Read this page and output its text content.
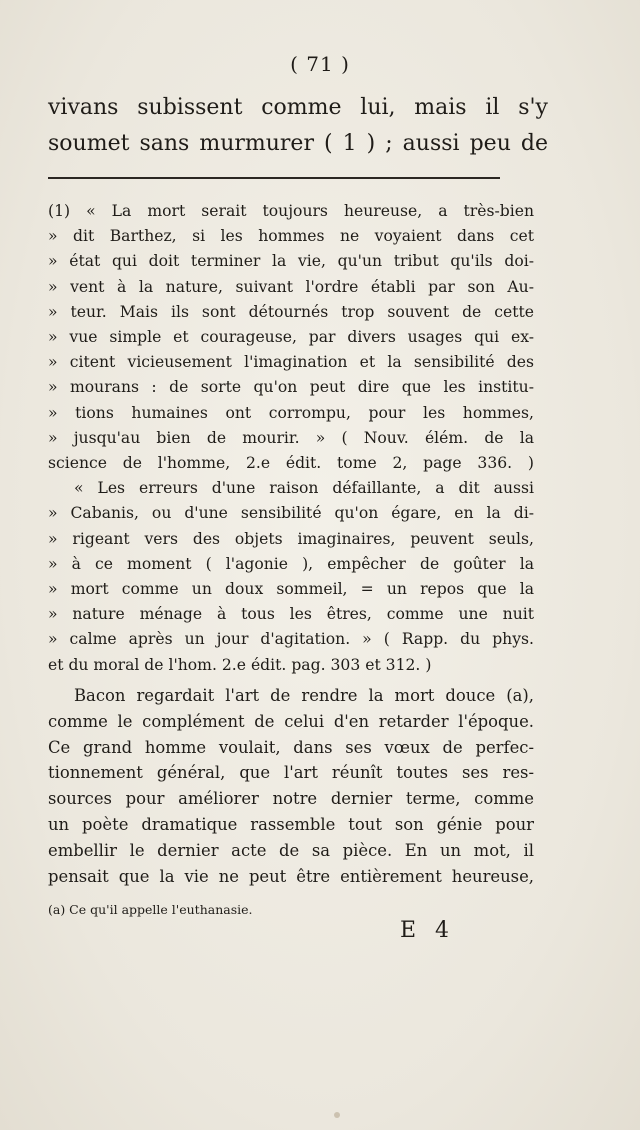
( 71 )
vivans subissent comme lui, mais il s'y
soumet sans murmurer ( 1 ) ; aussi peu de
(1) « La mort serait toujours heureuse, a très-bien
» dit Barthez, si les hommes ne voyaient dans cet
» état qui doit terminer la vie, qu'un tribut qu'ils doi-
» vent à la nature, suivant l'ordre établi par son Au-
» teur. Mais ils sont détournés trop souvent de cette
» vue simple et courageuse, par divers usages qui ex-
» citent vicieusement l'imagination et la sensibilité des
» mourans : de sorte qu'on peut dire que les institu-
» tions humaines ont corrompu, pour les hommes,
» jusqu'au bien de mourir. » ( Nouv. élém. de la
science de l'homme, 2.e édit. tome 2, page 336. )
« Les erreurs d'une raison défaillante, a dit aussi
» Cabanis, ou d'une sensibilité qu'on égare, en la di-
» rigeant vers des objets imaginaires, peuvent seuls,
» à ce moment ( l'agonie ), empêcher de goûter la
» mort comme un doux sommeil, = un repos que la
» nature ménage à tous les êtres, comme une nuit
» calme après un jour d'agitation. » ( Rapp. du phys.
et du moral de l'hom. 2.e édit. pag. 303 et 312. )
Bacon regardait l'art de rendre la mort douce (a),
comme le complément de celui d'en retarder l'époque.
Ce grand homme voulait, dans ses vœux de perfec-
tionnement général, que l'art réunît toutes ses res-
sources pour améliorer notre dernier terme, comme
un poète dramatique rassemble tout son génie pour
embellir le dernier acte de sa pièce. En un mot, il
pensait que la vie ne peut être entièrement heureuse,
(a) Ce qu'il appelle l'euthanasie.
E 4
